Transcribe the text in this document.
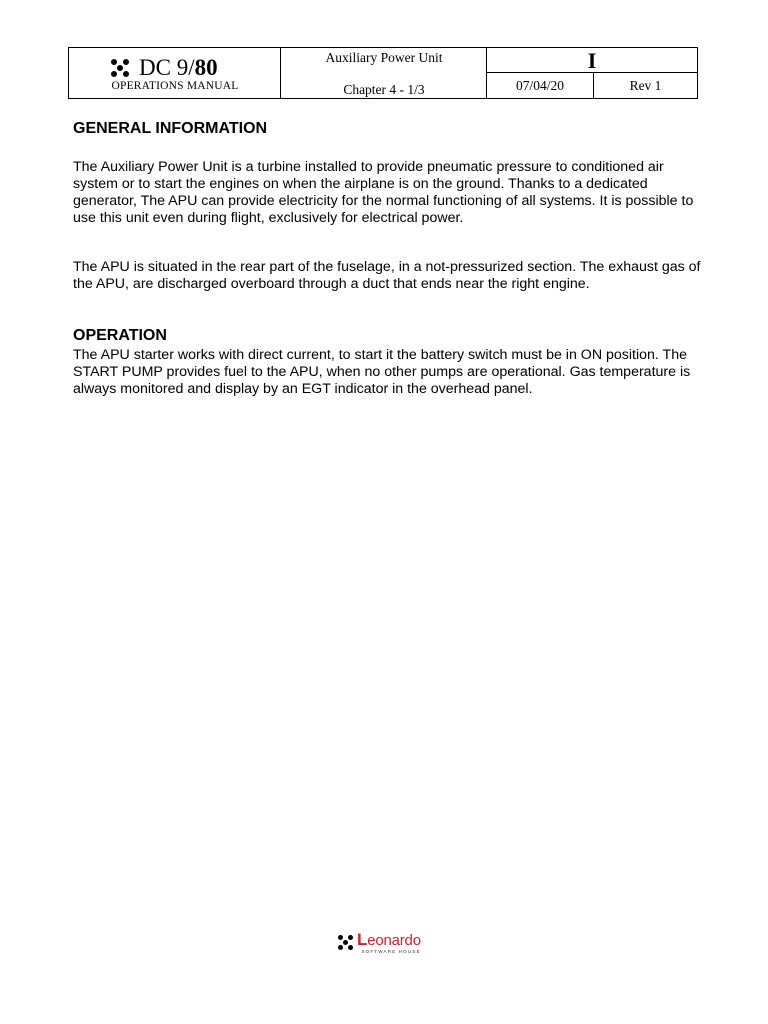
DC 9/80
OPERATIONS MANUAL
Auxiliary Power Unit
Chapter 4 - 1/3
I
07/04/20	Rev 1
GENERAL INFORMATION

The Auxiliary Power Unit is a turbine installed to provide pneumatic pressure to conditioned air system or to start the engines on when the airplane is on the ground. Thanks to a dedicated generator, The APU can provide electricity for the normal functioning of all systems. It is possible to use this unit even during flight, exclusively for electrical power.

The APU is situated in the rear part of the fuselage, in a not-pressurized section. The exhaust gas of the APU, are discharged overboard through a duct that ends near the right engine.

OPERATION

The APU starter works with direct current, to start it the battery switch must be in ON position. The START PUMP provides fuel to the APU, when no other pumps are operational. Gas temperature is always monitored and display by an EGT indicator in the overhead panel.

Leonardo
SOFTWARE HOUSE
